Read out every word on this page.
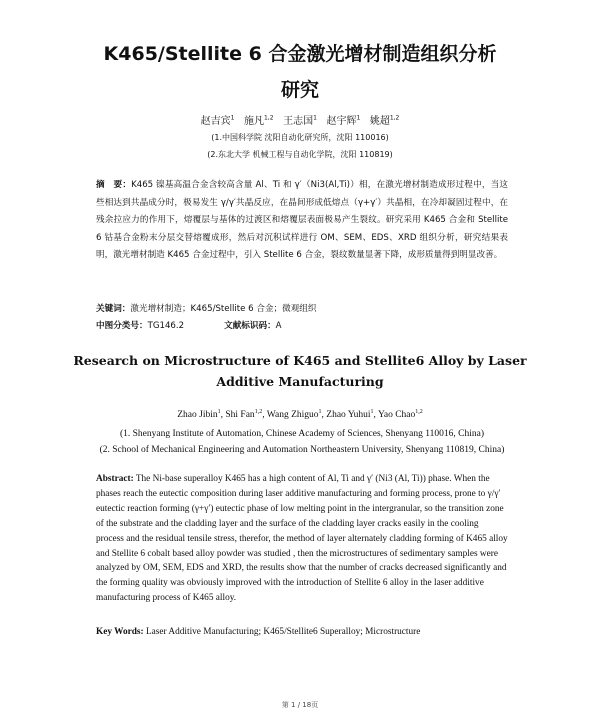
K465/Stellite 6 合金激光增材制造组织分析
研究
赵吉宾$^1$ 施凡$^{1,2}$ 王志国$^1$ 赵宇辉$^1$ 姚超$^{1,2}$
(1.中国科学院 沈阳自动化研究所，沈阳 110016)
(2.东北大学 机械工程与自动化学院，沈阳 110819)
摘　要：K465 镍基高温合金含较高含量 Al、Ti 和 γ′（Ni3(Al,Ti)）相，在激光增材制造成形过程中，当这些相达到共晶成分时，极易发生 γ/γ′共晶反应，在晶间形成低熔点（γ+γ′）共晶相，在冷却凝固过程中，在残余拉应力的作用下，熔覆层与基体的过渡区和熔覆层表面极易产生裂纹。研究采用 K465 合金和 Stellite 6 钴基合金粉末分层交替熔覆成形，然后对沉积试样进行 OM、SEM、EDS、XRD 组织分析，研究结果表明，激光增材制造 K465 合金过程中，引入 Stellite 6 合金，裂纹数量显著下降，成形质量得到明显改善。
关键词：激光增材制造；K465/Stellite 6 合金；微观组织
中图分类号：TG146.2	文献标识码：A
Research on Microstructure of K465 and Stellite6 Alloy by Laser
Additive Manufacturing
Zhao Jibin$^1$, Shi Fan$^{1,2}$, Wang Zhiguo$^1$, Zhao Yuhui$^1$, Yao Chao$^{1,2}$
(1. Shenyang Institute of Automation, Chinese Academy of Sciences, Shenyang 110016, China)
(2. School of Mechanical Engineering and Automation Northeastern University, Shenyang 110819, China)
Abstract: The Ni-base superalloy K465 has a high content of Al, Ti and γ′ (Ni3 (Al, Ti)) phase. When the phases reach the eutectic composition during laser additive manufacturing and forming process, prone to γ/γ′ eutectic reaction forming (γ+γ′) eutectic phase of low melting point in the intergranular, so the transition zone of the substrate and the cladding layer and the surface of the cladding layer cracks easily in the cooling process and the residual tensile stress, therefor, the method of layer alternately cladding forming of K465 alloy and Stellite 6 cobalt based alloy powder was studied , then the microstructures of sedimentary samples were analyzed by OM, SEM, EDS and XRD, the results show that the number of cracks decreased significantly and the forming quality was obviously improved with the introduction of Stellite 6 alloy in the laser additive manufacturing process of K465 alloy.
Key Words: Laser Additive Manufacturing; K465/Stellite6 Superalloy; Microstructure
第 1 / 18页
